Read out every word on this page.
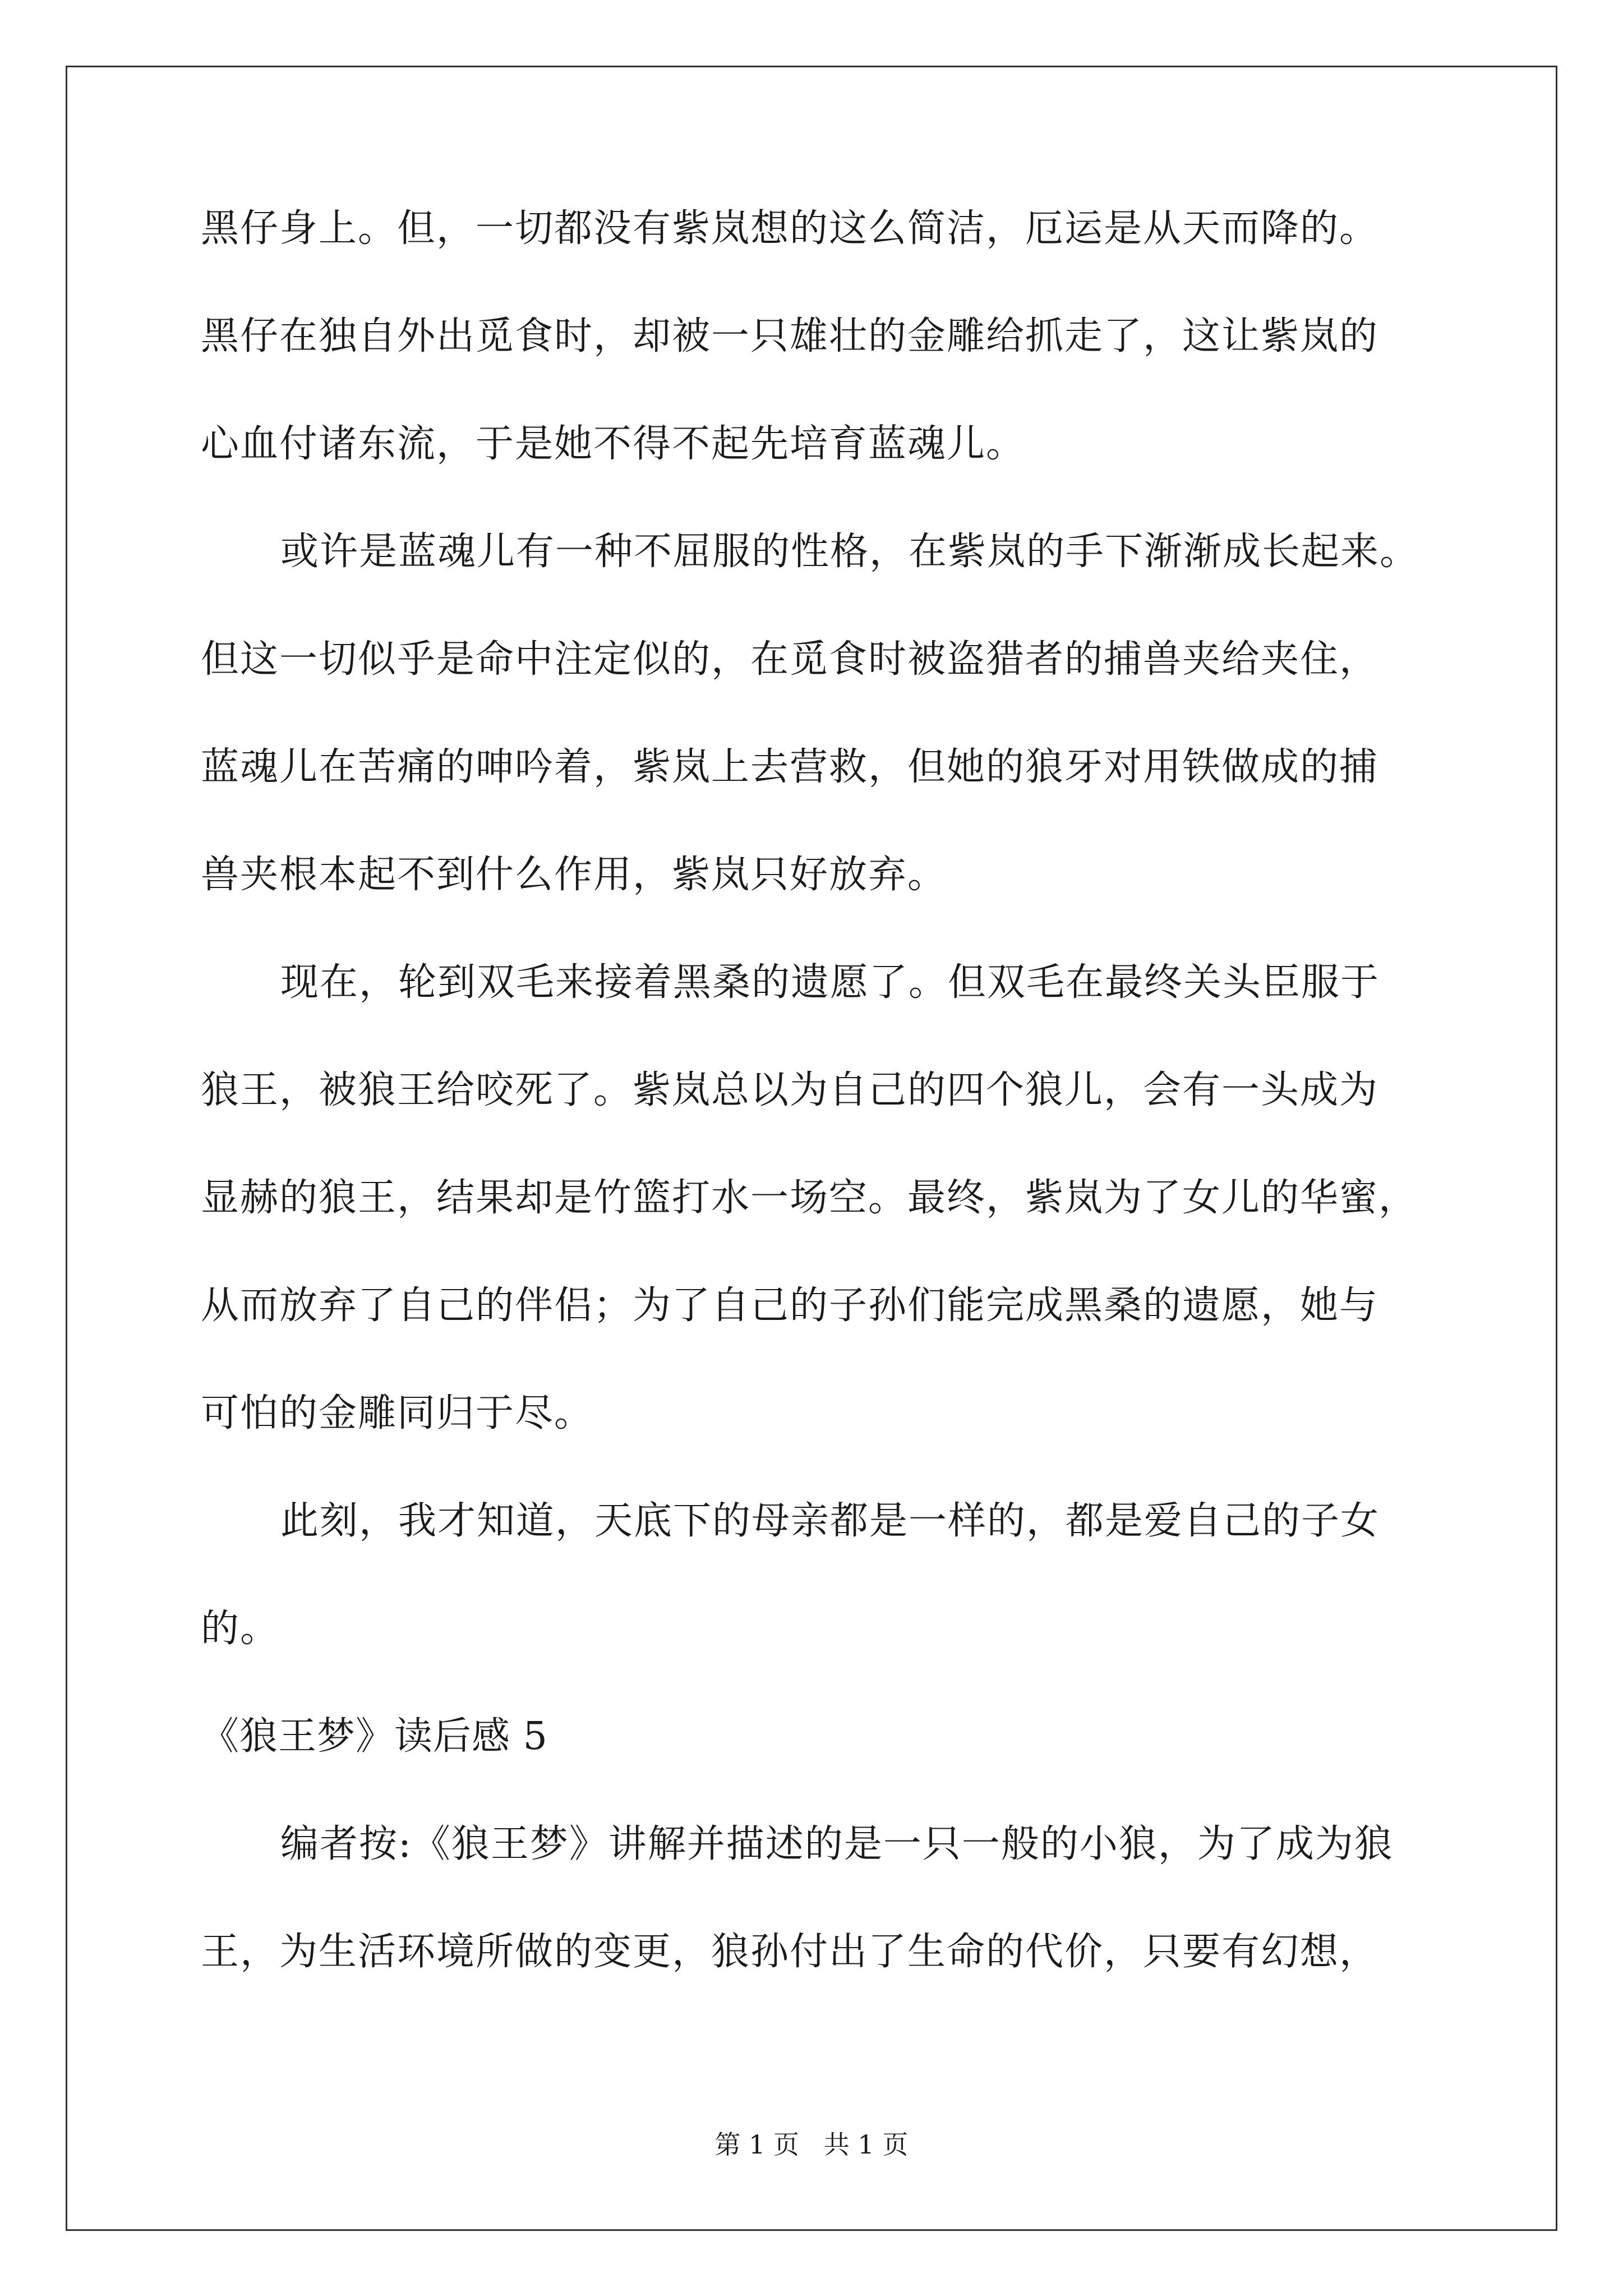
黑仔身上。但，一切都没有紫岚想的这么简洁，厄运是从天而降的。
黑仔在独自外出觅食时，却被一只雄壮的金雕给抓走了，这让紫岚的
心血付诸东流，于是她不得不起先培育蓝魂儿。
或许是蓝魂儿有一种不屈服的性格，在紫岚的手下渐渐成长起来。
但这一切似乎是命中注定似的，在觅食时被盗猎者的捕兽夹给夹住，
蓝魂儿在苦痛的呻吟着，紫岚上去营救，但她的狼牙对用铁做成的捕
兽夹根本起不到什么作用，紫岚只好放弃。
现在，轮到双毛来接着黑桑的遗愿了。但双毛在最终关头臣服于
狼王，被狼王给咬死了。紫岚总以为自己的四个狼儿，会有一头成为
显赫的狼王，结果却是竹篮打水一场空。最终，紫岚为了女儿的华蜜，
从而放弃了自己的伴侣；为了自己的子孙们能完成黑桑的遗愿，她与
可怕的金雕同归于尽。
此刻，我才知道，天底下的母亲都是一样的，都是爱自己的子女
的。
《狼王梦》读后感 5
编者按:《狼王梦》讲解并描述的是一只一般的小狼，为了成为狼
王，为生活环境所做的变更，狼孙付出了生命的代价，只要有幻想，
第 1 页   共 1 页
